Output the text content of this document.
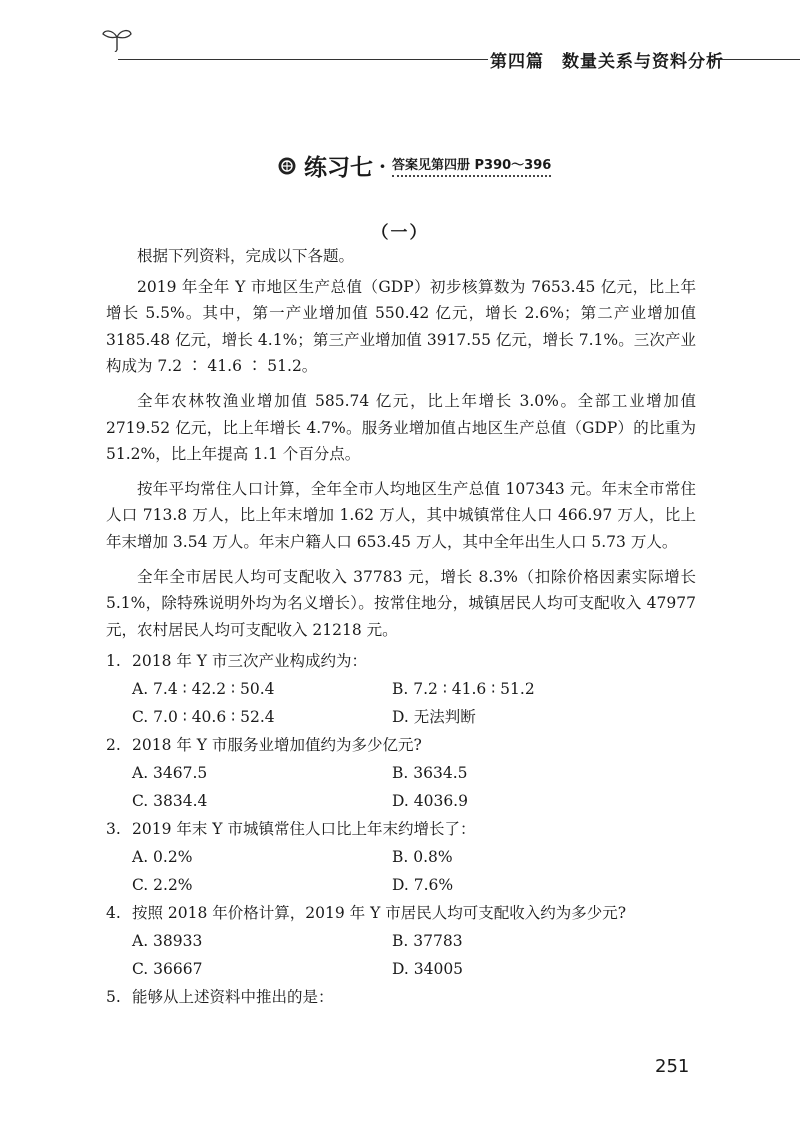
第四篇 数量关系与资料分析
练习七 · 答案见第四册 P390～396
（一）

根据下列资料，完成以下各题。

2019 年全年 Y 市地区生产总值（GDP）初步核算数为 7653.45 亿元，比上年增长 5.5%。其中，第一产业增加值 550.42 亿元，增长 2.6%；第二产业增加值 3185.48 亿元，增长 4.1%；第三产业增加值 3917.55 亿元，增长 7.1%。三次产业构成为 7.2 ∶ 41.6 ∶ 51.2。

全年农林牧渔业增加值 585.74 亿元，比上年增长 3.0%。全部工业增加值 2719.52 亿元，比上年增长 4.7%。服务业增加值占地区生产总值（GDP）的比重为 51.2%，比上年提高 1.1 个百分点。

按年平均常住人口计算，全年全市人均地区生产总值 107343 元。年末全市常住人口 713.8 万人，比上年末增加 1.62 万人，其中城镇常住人口 466.97 万人，比上年末增加 3.54 万人。年末户籍人口 653.45 万人，其中全年出生人口 5.73 万人。

全年全市居民人均可支配收入 37783 元，增长 8.3%（扣除价格因素实际增长 5.1%，除特殊说明外均为名义增长）。按常住地分，城镇居民人均可支配收入 47977 元，农村居民人均可支配收入 21218 元。

1. 2018 年 Y 市三次产业构成约为：
A. 7.4 ∶ 42.2 ∶ 50.4	B. 7.2 ∶ 41.6 ∶ 51.2
C. 7.0 ∶ 40.6 ∶ 52.4	D. 无法判断
2. 2018 年 Y 市服务业增加值约为多少亿元?
A. 3467.5	B. 3634.5
C. 3834.4	D. 4036.9
3. 2019 年末 Y 市城镇常住人口比上年末约增长了：
A. 0.2%	B. 0.8%
C. 2.2%	D. 7.6%
4. 按照 2018 年价格计算，2019 年 Y 市居民人均可支配收入约为多少元?
A. 38933	B. 37783
C. 36667	D. 34005
5. 能够从上述资料中推出的是：
251
